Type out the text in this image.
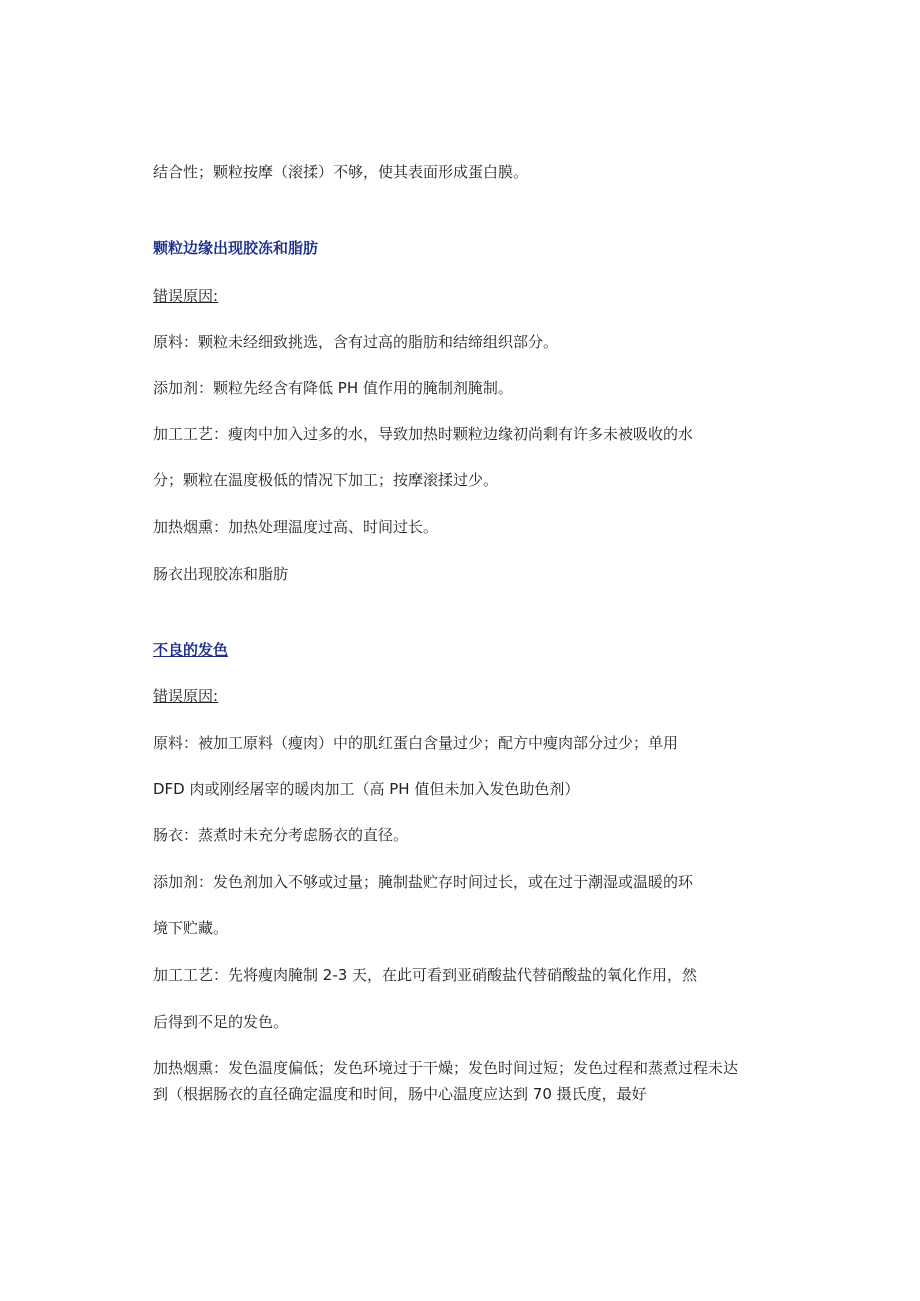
结合性；颗粒按摩（滚揉）不够，使其表面形成蛋白膜。
颗粒边缘出现胶冻和脂肪
错误原因:
原料：颗粒未经细致挑选，含有过高的脂肪和结缔组织部分。
添加剂：颗粒先经含有降低 PH 值作用的腌制剂腌制。
加工工艺：瘦肉中加入过多的水，导致加热时颗粒边缘初尚剩有许多未被吸收的水
分；颗粒在温度极低的情况下加工；按摩滚揉过少。
加热烟熏：加热处理温度过高、时间过长。
肠衣出现胶冻和脂肪
不良的发色
错误原因:
原料：被加工原料（瘦肉）中的肌红蛋白含量过少；配方中瘦肉部分过少；单用
DFD 肉或刚经屠宰的暖肉加工（高 PH 值但未加入发色助色剂）
肠衣：蒸煮时未充分考虑肠衣的直径。
添加剂：发色剂加入不够或过量；腌制盐贮存时间过长，或在过于潮湿或温暖的环
境下贮藏。
加工工艺：先将瘦肉腌制 2-3 天，在此可看到亚硝酸盐代替硝酸盐的氧化作用，然
后得到不足的发色。
加热烟熏：发色温度偏低；发色环境过于干燥；发色时间过短；发色过程和蒸煮过程未达
到（根据肠衣的直径确定温度和时间，肠中心温度应达到 70 摄氏度，最好
